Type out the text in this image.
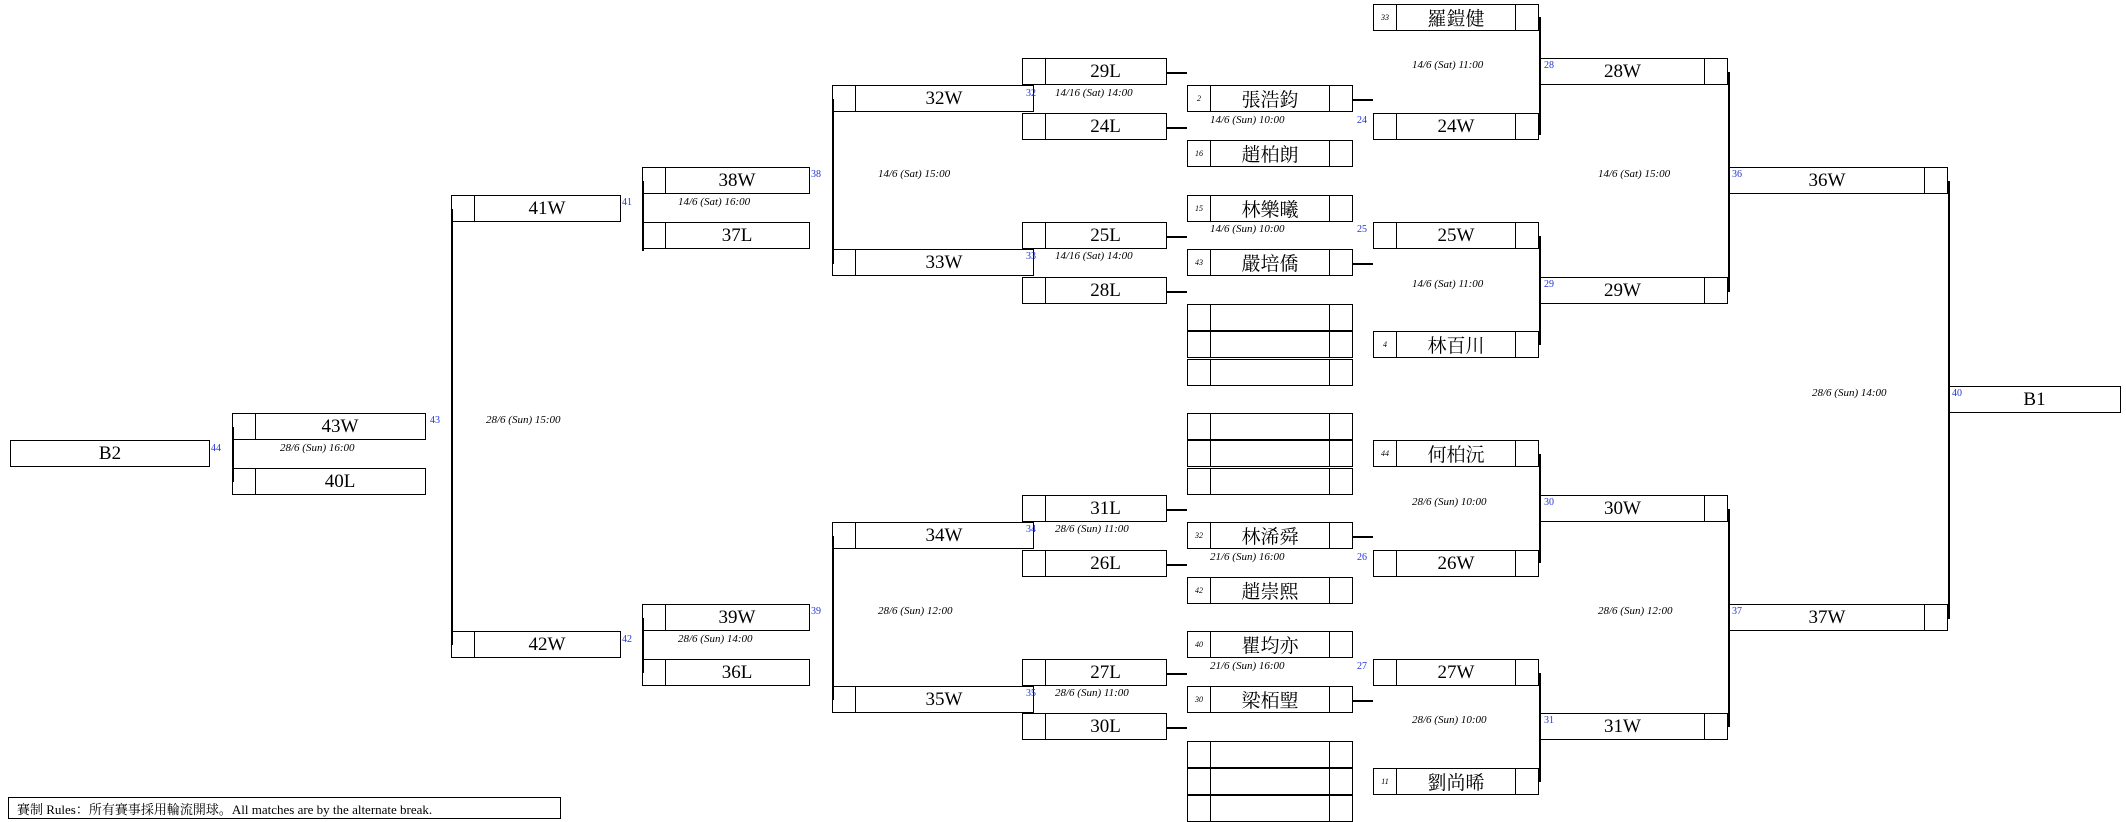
33	羅鎧健
29L
32W	2	張浩鈞
28W
24L	24W
16	趙柏朗
38W	36W
41W	15	林樂曦
37L	25L	25W
33W	43	嚴培僑
28L	29W
4	林百川
B1
43W
B2	44	何柏沅
40L
31L	30W
34W	32	林浠舜
26L	26W
42	趙崇熙
39W	37W
42W	40	瞿均亦
36L	27L	27W
35W	30	梁栢朢
30L	31W
11	劉尚晞
28
14/6 (Sat) 11:00
32 14/16 (Sat) 14:00
24
14/6 (Sun) 10:00
38	14/6 (Sat) 15:00	36
14/6 (Sat) 15:00
41	14/6 (Sat) 16:00
25
14/6 (Sun) 10:00
33 14/16 (Sat) 14:00
29
14/6 (Sat) 11:00
40
28/6 (Sun) 14:00
43	28/6 (Sun) 15:00
44	28/6 (Sun) 16:00
30
28/6 (Sun) 10:00
34 28/6 (Sun) 11:00
26
21/6 (Sun) 16:00
39	28/6 (Sun) 12:00	37
28/6 (Sun) 12:00
42	28/6 (Sun) 14:00
27
21/6 (Sun) 16:00
35 28/6 (Sun) 11:00
31
28/6 (Sun) 10:00
賽制 Rules：所有賽事採用輪流開球。All matches are by the alternate break.
